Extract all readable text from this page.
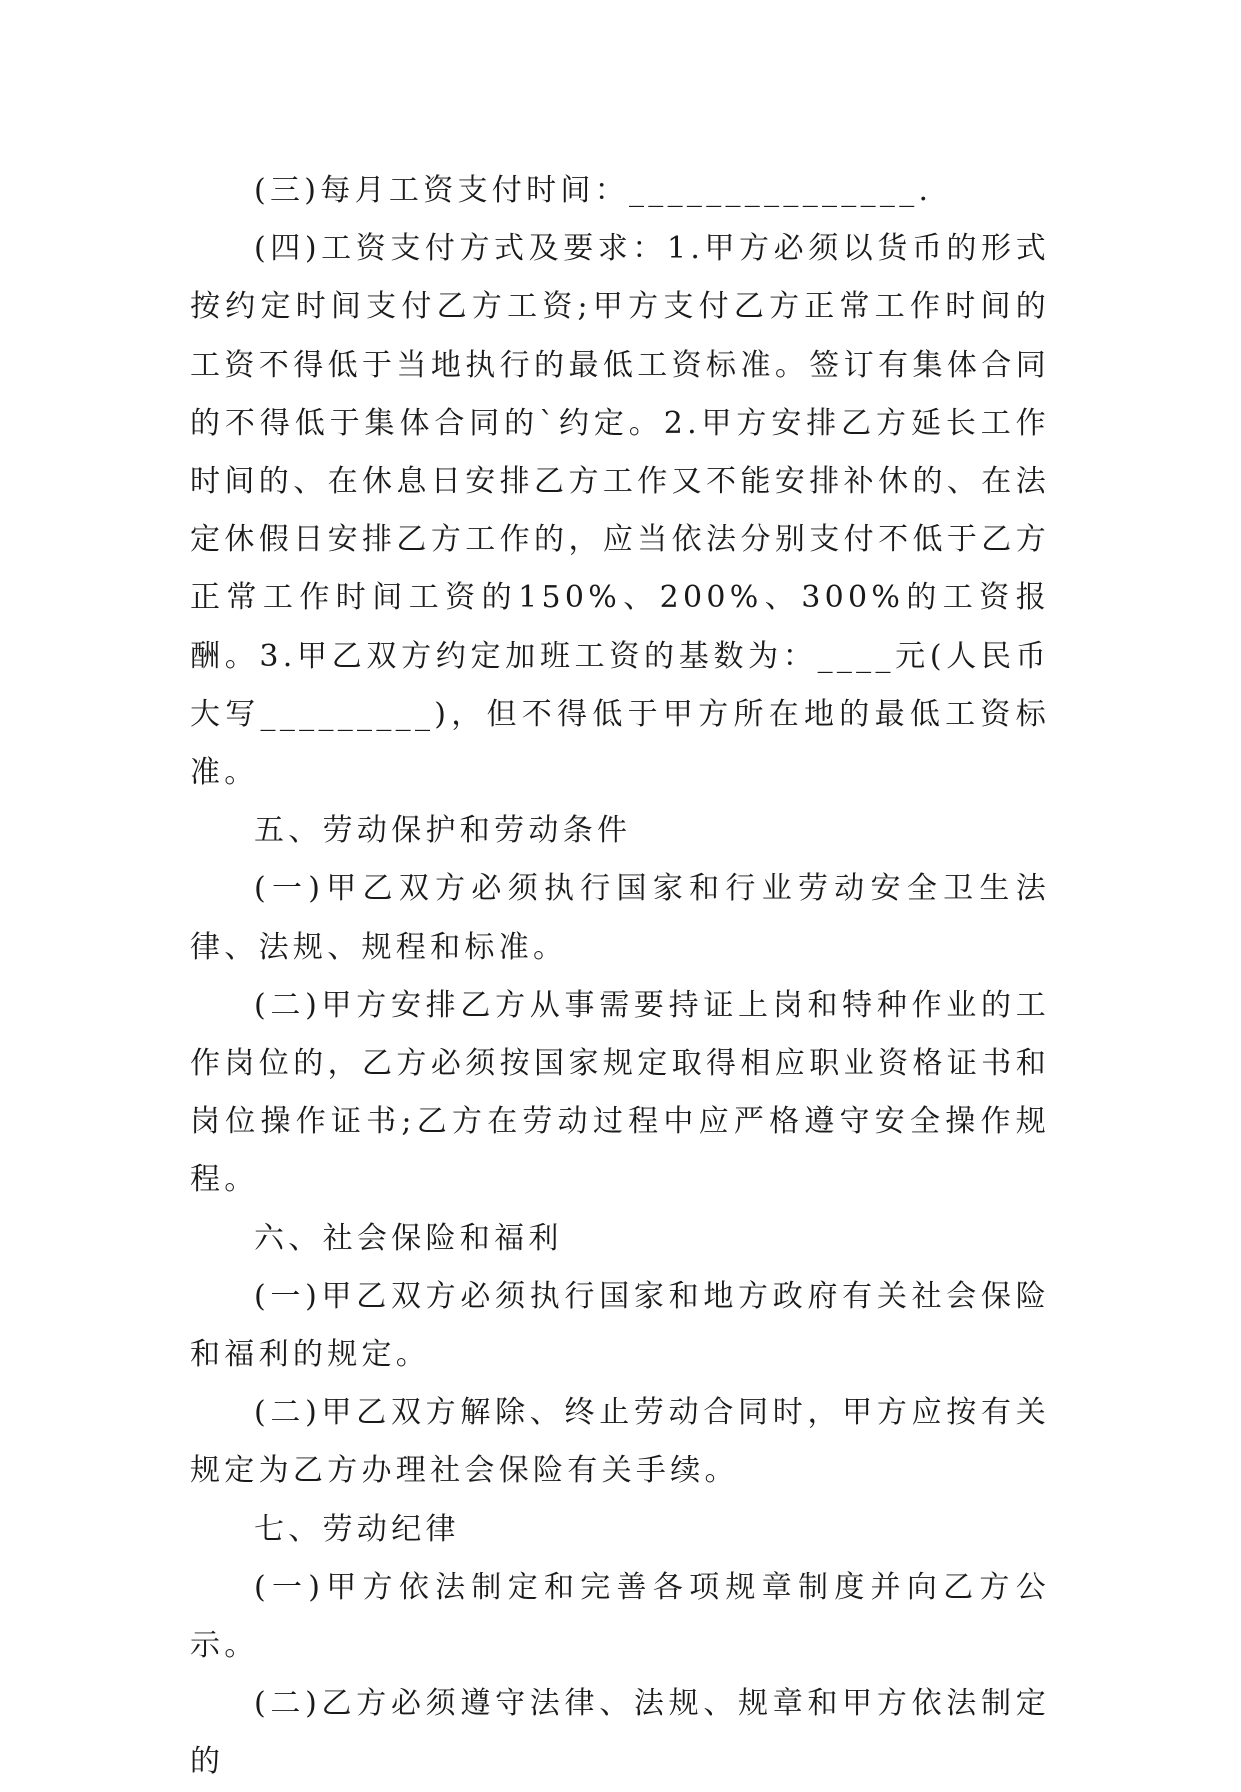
(三)每月工资支付时间：_______________.

(四)工资支付方式及要求：1.甲方必须以货币的形式按约定时间支付乙方工资;甲方支付乙方正常工作时间的工资不得低于当地执行的最低工资标准。签订有集体合同的不得低于集体合同的`约定。2.甲方安排乙方延长工作时间的、在休息日安排乙方工作又不能安排补休的、在法定休假日安排乙方工作的，应当依法分别支付不低于乙方正常工作时间工资的150%、200%、300%的工资报酬。3.甲乙双方约定加班工资的基数为：____元(人民币大写_________)，但不得低于甲方所在地的最低工资标准。

五、劳动保护和劳动条件

(一)甲乙双方必须执行国家和行业劳动安全卫生法律、法规、规程和标准。

(二)甲方安排乙方从事需要持证上岗和特种作业的工作岗位的，乙方必须按国家规定取得相应职业资格证书和岗位操作证书;乙方在劳动过程中应严格遵守安全操作规程。

六、社会保险和福利

(一)甲乙双方必须执行国家和地方政府有关社会保险和福利的规定。

(二)甲乙双方解除、终止劳动合同时，甲方应按有关规定为乙方办理社会保险有关手续。

七、劳动纪律

(一)甲方依法制定和完善各项规章制度并向乙方公示。

(二)乙方必须遵守法律、法规、规章和甲方依法制定的
